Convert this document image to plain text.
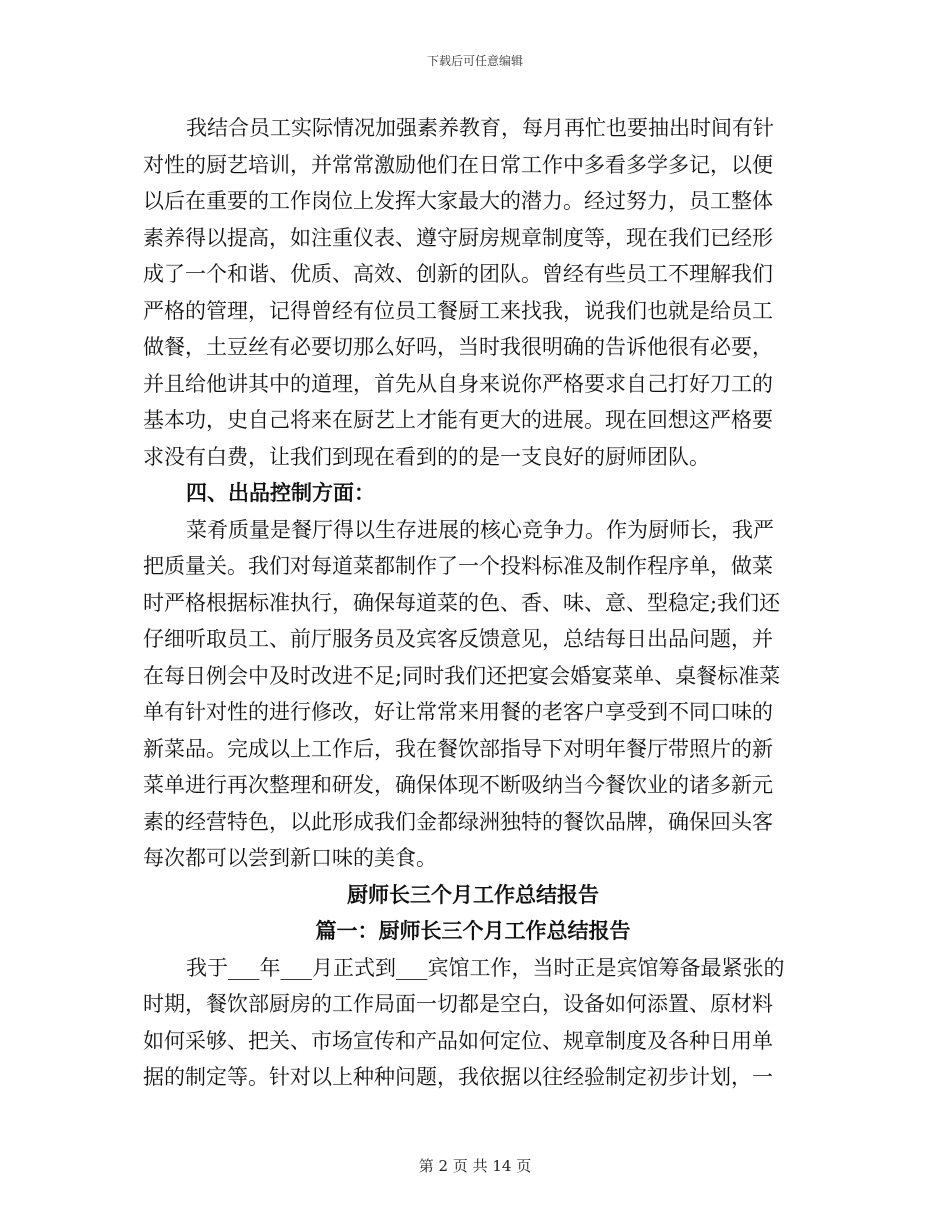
下载后可任意编辑
我结合员工实际情况加强素养教育，每月再忙也要抽出时间有针
对性的厨艺培训，并常常激励他们在日常工作中多看多学多记，以便
以后在重要的工作岗位上发挥大家最大的潜力。经过努力，员工整体
素养得以提高，如注重仪表、遵守厨房规章制度等，现在我们已经形
成了一个和谐、优质、高效、创新的团队。曾经有些员工不理解我们
严格的管理，记得曾经有位员工餐厨工来找我，说我们也就是给员工
做餐，土豆丝有必要切那么好吗，当时我很明确的告诉他很有必要，
并且给他讲其中的道理，首先从自身来说你严格要求自己打好刀工的
基本功，史自己将来在厨艺上才能有更大的进展。现在回想这严格要
求没有白费，让我们到现在看到的的是一支良好的厨师团队。
四、出品控制方面：
菜肴质量是餐厅得以生存进展的核心竞争力。作为厨师长，我严
把质量关。我们对每道菜都制作了一个投料标准及制作程序单，做菜
时严格根据标准执行，确保每道菜的色、香、味、意、型稳定;我们还
仔细听取员工、前厅服务员及宾客反馈意见，总结每日出品问题，并
在每日例会中及时改进不足;同时我们还把宴会婚宴菜单、桌餐标准菜
单有针对性的进行修改，好让常常来用餐的老客户享受到不同口味的
新菜品。完成以上工作后，我在餐饮部指导下对明年餐厅带照片的新
菜单进行再次整理和研发，确保体现不断吸纳当今餐饮业的诸多新元
素的经营特色，以此形成我们金都绿洲独特的餐饮品牌，确保回头客
每次都可以尝到新口味的美食。
厨师长三个月工作总结报告
篇一：厨师长三个月工作总结报告
我于___年___月正式到___宾馆工作，当时正是宾馆筹备最紧张的
时期，餐饮部厨房的工作局面一切都是空白，设备如何添置、原材料
如何采够、把关、市场宣传和产品如何定位、规章制度及各种日用单
据的制定等。针对以上种种问题，我依据以往经验制定初步计划，一
第 2 页 共 14 页
